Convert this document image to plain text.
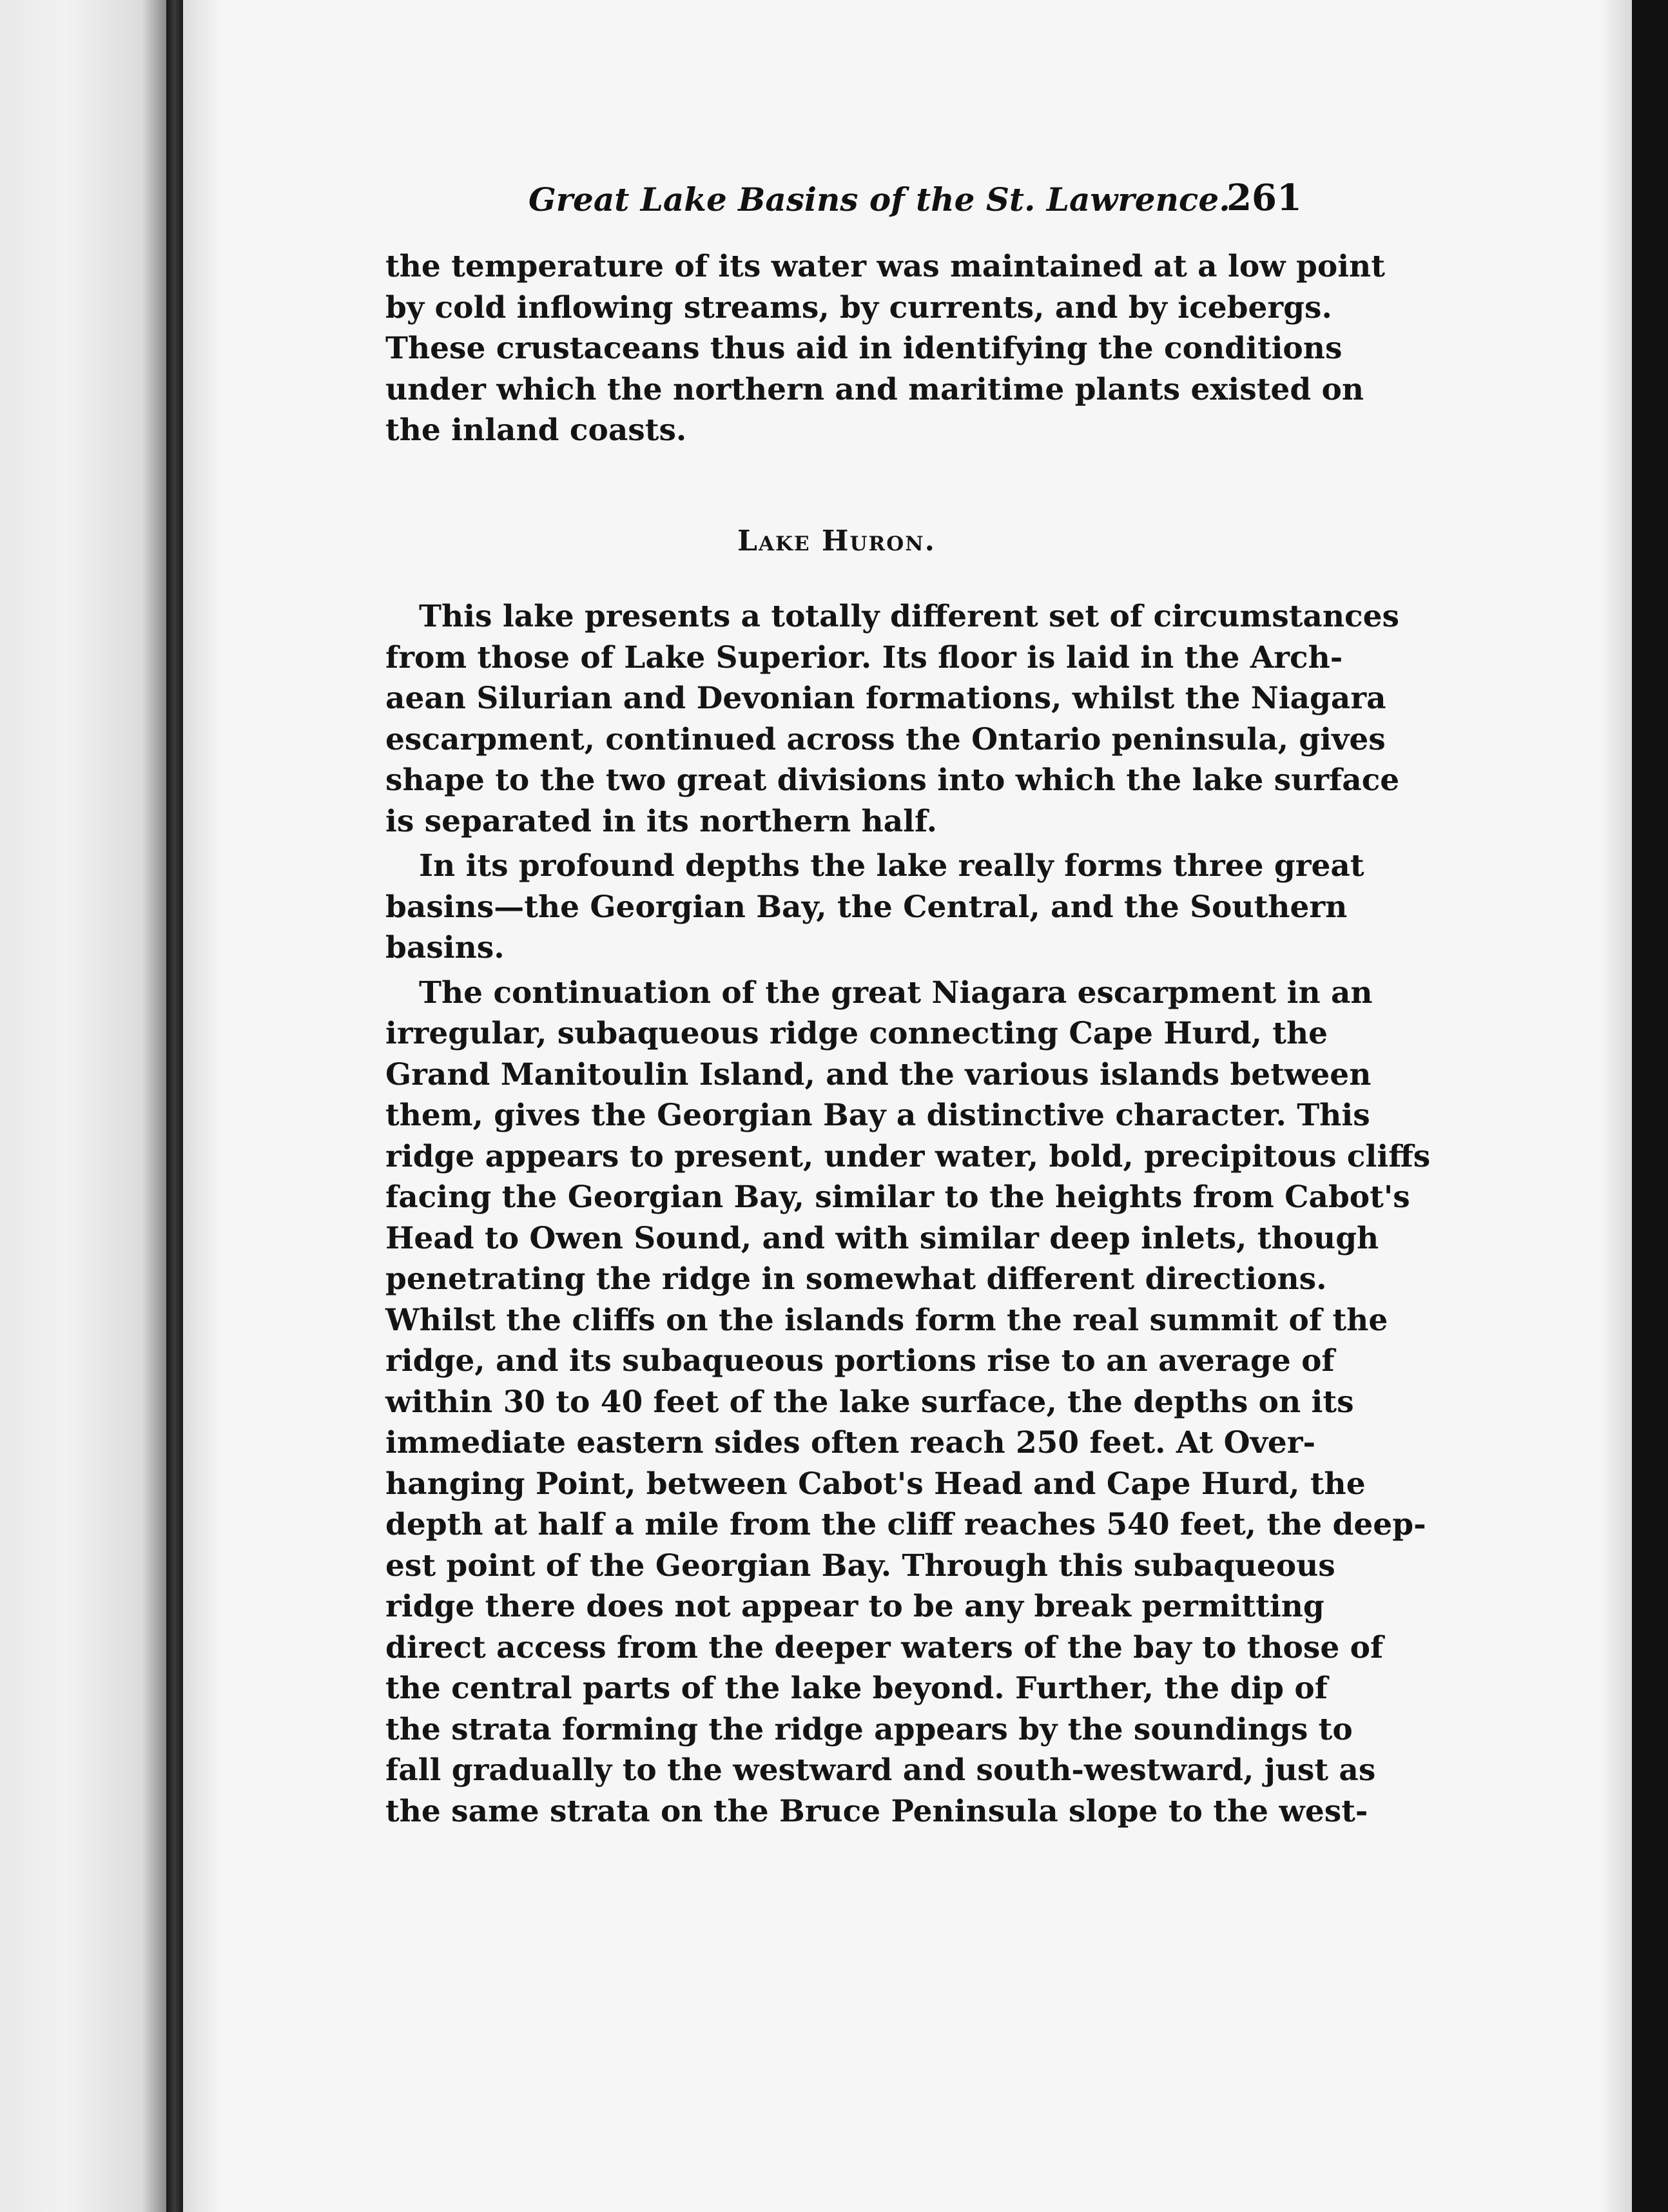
Great Lake Basins of the St. Lawrence.
261

the temperature of its water was maintained at a low point
by cold inflowing streams, by currents, and by icebergs.
These crustaceans thus aid in identifying the conditions
under which the northern and maritime plants existed on
the inland coasts.

Lake Huron.

This lake presents a totally different set of circumstances
from those of Lake Superior. Its floor is laid in the Arch-
aean Silurian and Devonian formations, whilst the Niagara
escarpment, continued across the Ontario peninsula, gives
shape to the two great divisions into which the lake surface
is separated in its northern half.

In its profound depths the lake really forms three great
basins—the Georgian Bay, the Central, and the Southern
basins.

The continuation of the great Niagara escarpment in an
irregular, subaqueous ridge connecting Cape Hurd, the
Grand Manitoulin Island, and the various islands between
them, gives the Georgian Bay a distinctive character. This
ridge appears to present, under water, bold, precipitous cliffs
facing the Georgian Bay, similar to the heights from Cabot's
Head to Owen Sound, and with similar deep inlets, though
penetrating the ridge in somewhat different directions.
Whilst the cliffs on the islands form the real summit of the
ridge, and its subaqueous portions rise to an average of
within 30 to 40 feet of the lake surface, the depths on its
immediate eastern sides often reach 250 feet. At Over-
hanging Point, between Cabot's Head and Cape Hurd, the
depth at half a mile from the cliff reaches 540 feet, the deep-
est point of the Georgian Bay. Through this subaqueous
ridge there does not appear to be any break permitting
direct access from the deeper waters of the bay to those of
the central parts of the lake beyond. Further, the dip of
the strata forming the ridge appears by the soundings to
fall gradually to the westward and south-westward, just as
the same strata on the Bruce Peninsula slope to the west-
